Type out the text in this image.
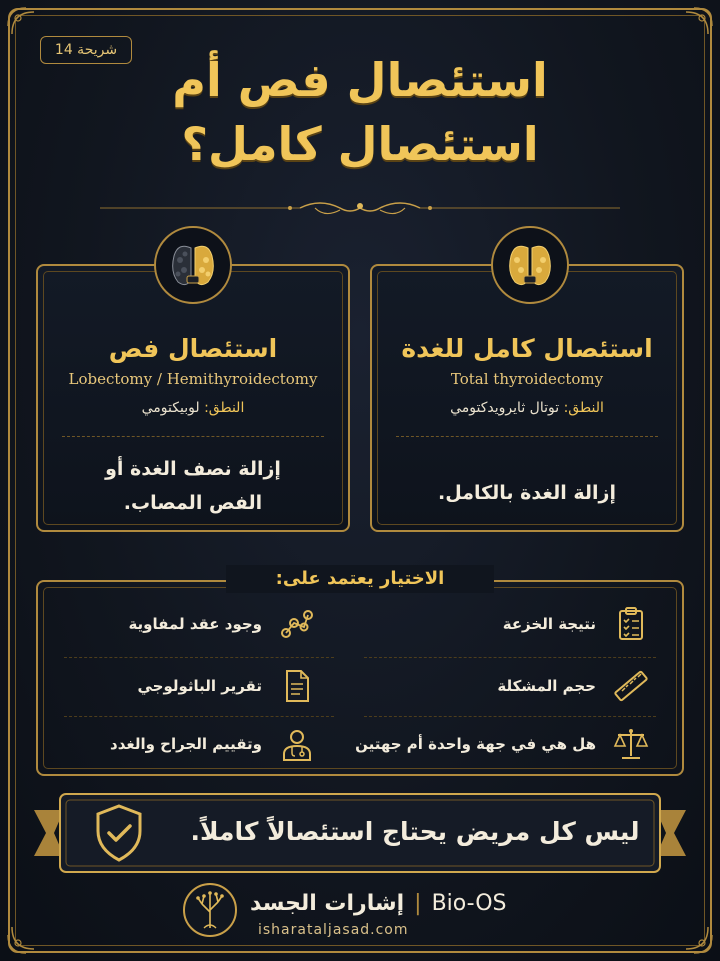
شريحة 14
استئصال فص أم
استئصال كامل؟
استئصال فص
Lobectomy / Hemithyroidectomy
النطق: لوبيكتومي
إزالة نصف الغدة أو
الفص المصاب.
استئصال كامل للغدة
Total thyroidectomy
النطق: توتال ثايرويدكتومي
إزالة الغدة بالكامل.
الاختيار يعتمد على:
نتيجة الخزعة
حجم المشكلة
هل هي في جهة واحدة أم جهتين
وجود عقد لمفاوية
تقرير الباثولوجي
وتقييم الجراح والغدد
ليس كل مريض يحتاج استئصالاً كاملاً.
إشارات الجسد | Bio-OS
isharataljasad.com
